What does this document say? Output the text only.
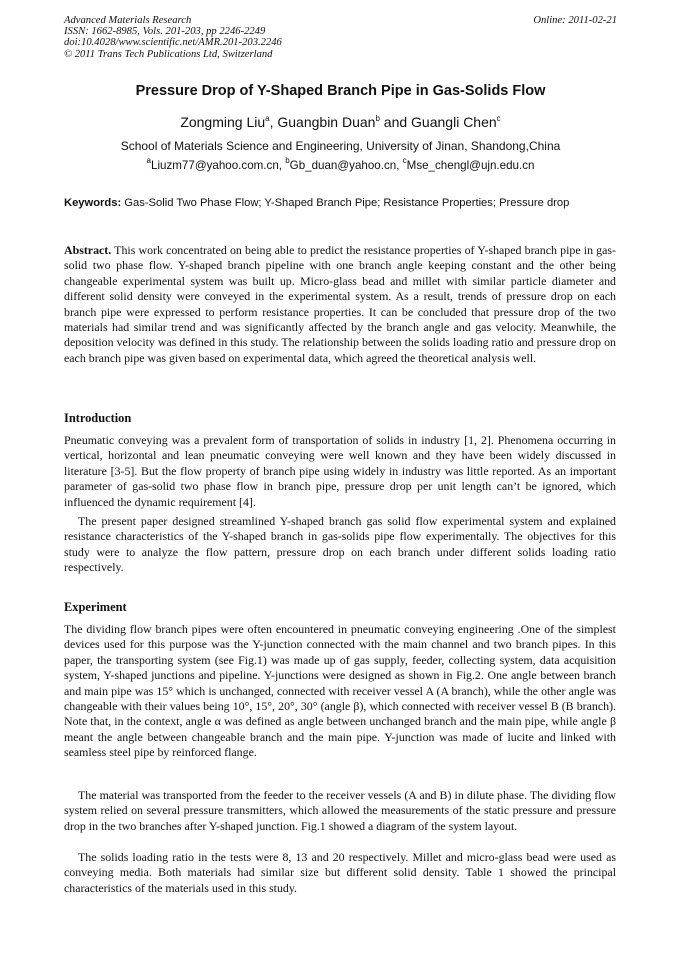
Advanced Materials Research
ISSN: 1662-8985, Vols. 201-203, pp 2246-2249
doi:10.4028/www.scientific.net/AMR.201-203.2246
© 2011 Trans Tech Publications Ltd, Switzerland
Online: 2011-02-21
Pressure Drop of Y-Shaped Branch Pipe in Gas-Solids Flow
Zongming Liu$^a$, Guangbin Duan$^b$ and Guangli Chen$^c$
School of Materials Science and Engineering, University of Jinan, Shandong,China
$^a$Liuzm77@yahoo.com.cn, $^b$Gb_duan@yahoo.cn, $^c$Mse_chengl@ujn.edu.cn
Keywords: Gas-Solid Two Phase Flow; Y-Shaped Branch Pipe; Resistance Properties; Pressure drop
Abstract. This work concentrated on being able to predict the resistance properties of Y-shaped branch pipe in gas-solid two phase flow. Y-shaped branch pipeline with one branch angle keeping constant and the other being changeable experimental system was built up. Micro-glass bead and millet with similar particle diameter and different solid density were conveyed in the experimental system. As a result, trends of pressure drop on each branch pipe were expressed to perform resistance properties. It can be concluded that pressure drop of the two materials had similar trend and was significantly affected by the branch angle and gas velocity. Meanwhile, the deposition velocity was defined in this study. The relationship between the solids loading ratio and pressure drop on each branch pipe was given based on experimental data, which agreed the theoretical analysis well.
Introduction

Pneumatic conveying was a prevalent form of transportation of solids in industry [1, 2]. Phenomena occurring in vertical, horizontal and lean pneumatic conveying were well known and they have been widely discussed in literature [3-5]. But the flow property of branch pipe using widely in industry was little reported. As an important parameter of gas-solid two phase flow in branch pipe, pressure drop per unit length can’t be ignored, which influenced the dynamic requirement [4].

The present paper designed streamlined Y-shaped branch gas solid flow experimental system and explained resistance characteristics of the Y-shaped branch in gas-solids pipe flow experimentally. The objectives for this study were to analyze the flow pattern, pressure drop on each branch under different solids loading ratio respectively.

Experiment

The dividing flow branch pipes were often encountered in pneumatic conveying engineering .One of the simplest devices used for this purpose was the Y-junction connected with the main channel and two branch pipes. In this paper, the transporting system (see Fig.1) was made up of gas supply, feeder, collecting system, data acquisition system, Y-shaped junctions and pipeline. Y-junctions were designed as shown in Fig.2. One angle between branch and main pipe was 15° which is unchanged, connected with receiver vessel A (A branch), while the other angle was changeable with their values being 10°, 15°, 20°, 30° (angle β), which connected with receiver vessel B (B branch). Note that, in the context, angle α was defined as angle between unchanged branch and the main pipe, while angle β meant the angle between changeable branch and the main pipe. Y-junction was made of lucite and linked with seamless steel pipe by reinforced flange.

The material was transported from the feeder to the receiver vessels (A and B) in dilute phase. The dividing flow system relied on several pressure transmitters, which allowed the measurements of the static pressure and pressure drop in the two branches after Y-shaped junction. Fig.1 showed a diagram of the system layout.

The solids loading ratio in the tests were 8, 13 and 20 respectively. Millet and micro-glass bead were used as conveying media. Both materials had similar size but different solid density. Table 1 showed the principal characteristics of the materials used in this study.
